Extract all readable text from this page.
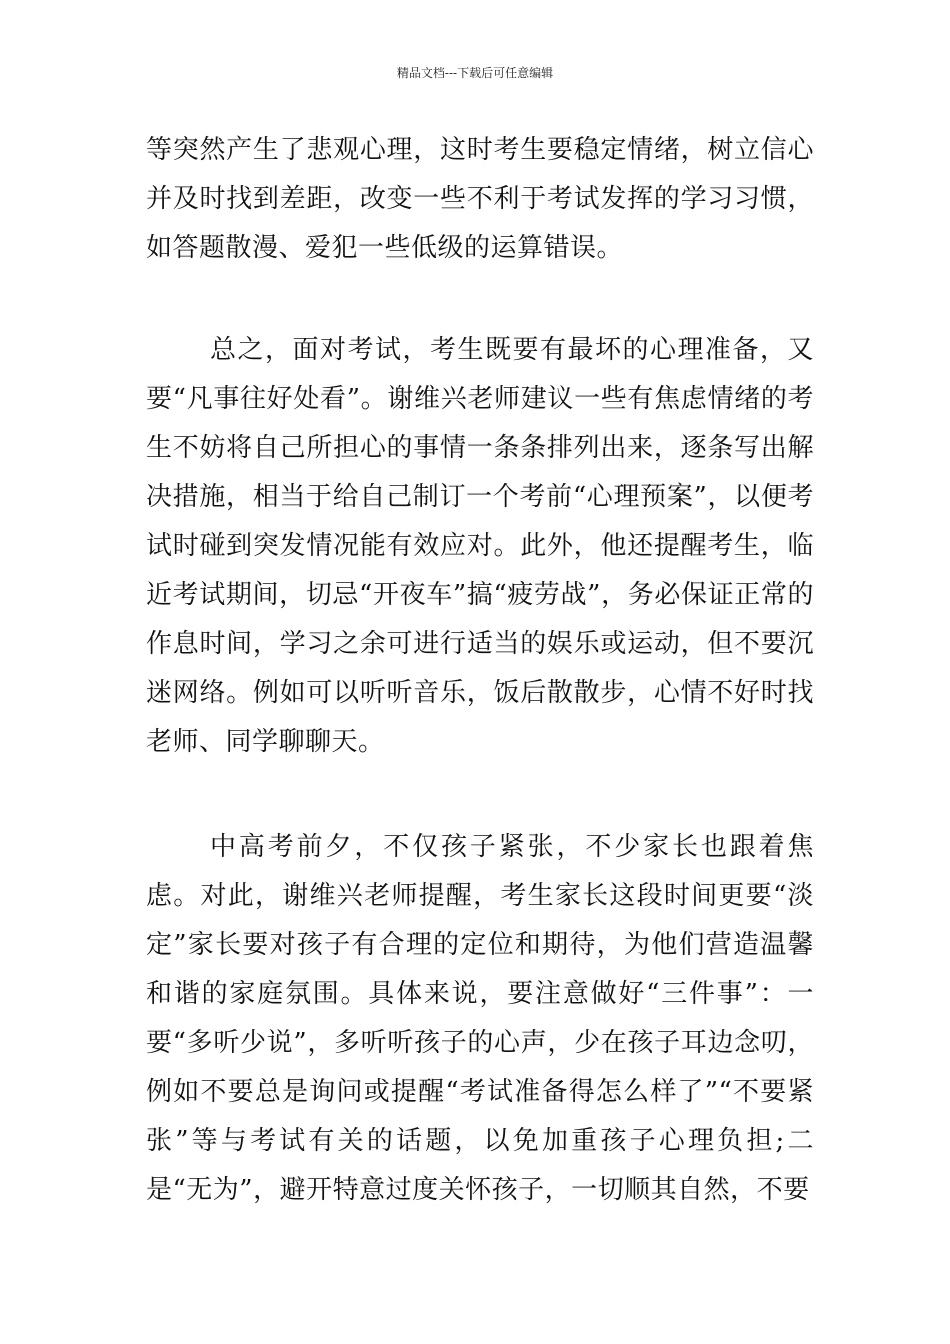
精品文档---下载后可任意编辑

等突然产生了悲观心理，这时考生要稳定情绪，树立信心并及时找到差距，改变一些不利于考试发挥的学习习惯，如答题散漫、爱犯一些低级的运算错误。

总之，面对考试，考生既要有最坏的心理准备，又要“凡事往好处看”。谢维兴老师建议一些有焦虑情绪的考生不妨将自己所担心的事情一条条排列出来，逐条写出解决措施，相当于给自己制订一个考前“心理预案”，以便考试时碰到突发情况能有效应对。此外，他还提醒考生，临近考试期间，切忌“开夜车”搞“疲劳战”，务必保证正常的作息时间，学习之余可进行适当的娱乐或运动，但不要沉迷网络。例如可以听听音乐，饭后散散步，心情不好时找老师、同学聊聊天。

中高考前夕，不仅孩子紧张，不少家长也跟着焦虑。对此，谢维兴老师提醒，考生家长这段时间更要“淡定”家长要对孩子有合理的定位和期待，为他们营造温馨和谐的家庭氛围。具体来说，要注意做好“三件事”：一要“多听少说”，多听听孩子的心声，少在孩子耳边念叨，例如不要总是询问或提醒“考试准备得怎么样了”“不要紧张”等与考试有关的话题，以免加重孩子心理负担;二是“无为”，避开特意过度关怀孩子，一切顺其自然，不要
